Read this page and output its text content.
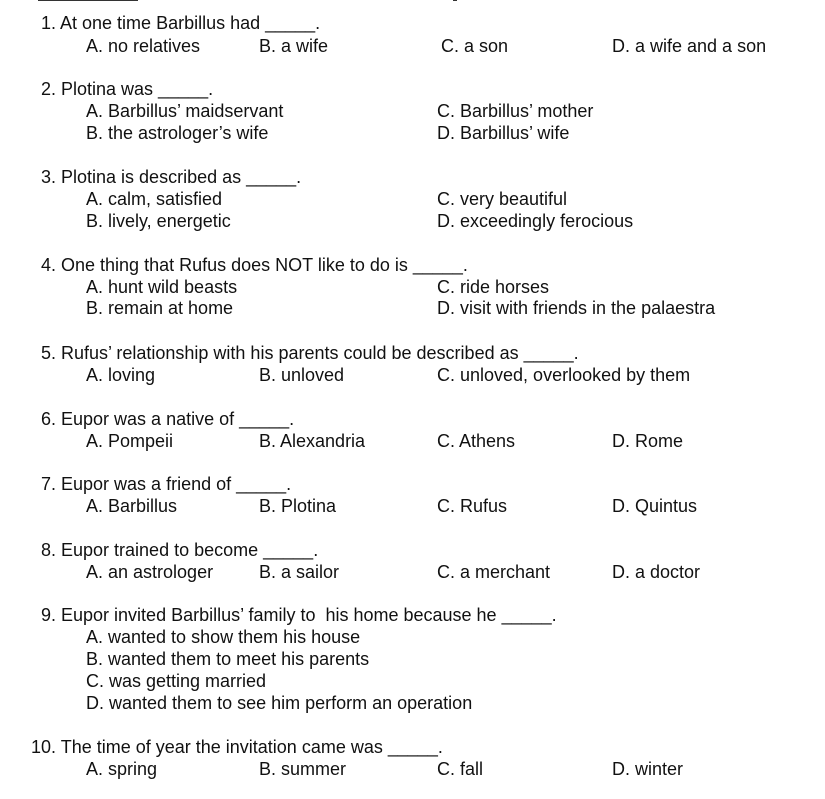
1. At one time Barbillus had _____.
A. no relatives	B. a wife	C. a son	D. a wife and a son
2. Plotina was _____.
A. Barbillus’ maidservant
B. the astrologer’s wife
C. Barbillus’ mother
D. Barbillus’ wife
3. Plotina is described as _____.
A. calm, satisfied
B. lively, energetic
C. very beautiful
D. exceedingly ferocious
4. One thing that Rufus does NOT like to do is _____.
A. hunt wild beasts
B. remain at home
C. ride horses
D. visit with friends in the palaestra
5. Rufus’ relationship with his parents could be described as _____.
A. loving	B. unloved	C. unloved, overlooked by them
6. Eupor was a native of _____.
A. Pompeii	B. Alexandria	C. Athens	D. Rome
7. Eupor was a friend of _____.
A. Barbillus	B. Plotina	C. Rufus	D. Quintus
8. Eupor trained to become _____.
A. an astrologer	B. a sailor	C. a merchant	D. a doctor
9. Eupor invited Barbillus’ family to  his home because he _____.
A. wanted to show them his house
B. wanted them to meet his parents
C. was getting married
D. wanted them to see him perform an operation
10. The time of year the invitation came was _____.
A. spring	B. summer	C. fall	D. winter
